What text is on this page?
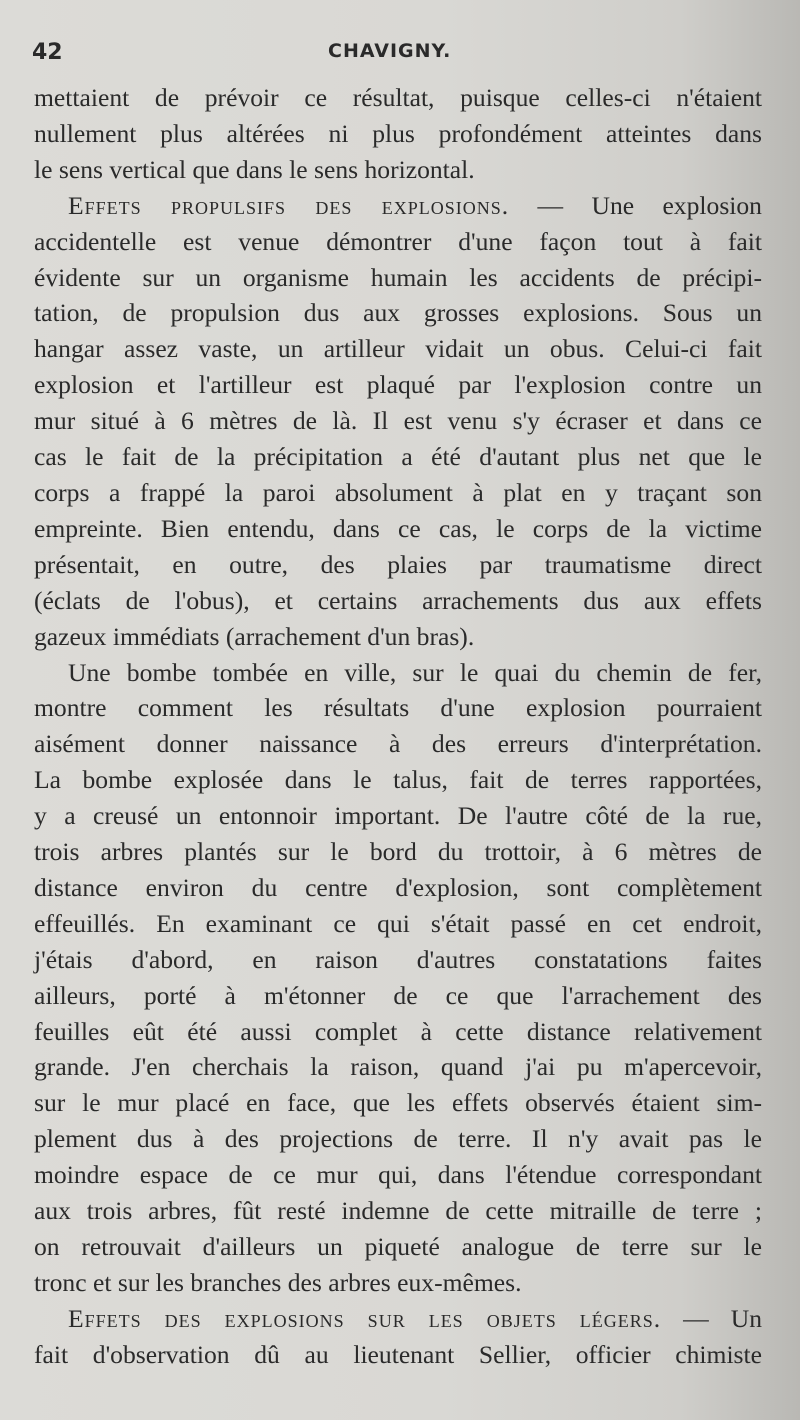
42	CHAVIGNY.
mettaient de prévoir ce résultat, puisque celles-ci n'étaient
nullement plus altérées ni plus profondément atteintes dans
le sens vertical que dans le sens horizontal.
Effets propulsifs des explosions. — Une explosion
accidentelle est venue démontrer d'une façon tout à fait
évidente sur un organisme humain les accidents de précipi-
tation, de propulsion dus aux grosses explosions. Sous un
hangar assez vaste, un artilleur vidait un obus. Celui-ci fait
explosion et l'artilleur est plaqué par l'explosion contre un
mur situé à 6 mètres de là. Il est venu s'y écraser et dans ce
cas le fait de la précipitation a été d'autant plus net que le
corps a frappé la paroi absolument à plat en y traçant son
empreinte. Bien entendu, dans ce cas, le corps de la victime
présentait, en outre, des plaies par traumatisme direct
(éclats de l'obus), et certains arrachements dus aux effets
gazeux immédiats (arrachement d'un bras).
Une bombe tombée en ville, sur le quai du chemin de fer,
montre comment les résultats d'une explosion pourraient
aisément donner naissance à des erreurs d'interprétation.
La bombe explosée dans le talus, fait de terres rapportées,
y a creusé un entonnoir important. De l'autre côté de la rue,
trois arbres plantés sur le bord du trottoir, à 6 mètres de
distance environ du centre d'explosion, sont complètement
effeuillés. En examinant ce qui s'était passé en cet endroit,
j'étais d'abord, en raison d'autres constatations faites
ailleurs, porté à m'étonner de ce que l'arrachement des
feuilles eût été aussi complet à cette distance relativement
grande. J'en cherchais la raison, quand j'ai pu m'apercevoir,
sur le mur placé en face, que les effets observés étaient sim-
plement dus à des projections de terre. Il n'y avait pas le
moindre espace de ce mur qui, dans l'étendue correspondant
aux trois arbres, fût resté indemne de cette mitraille de terre ;
on retrouvait d'ailleurs un piqueté analogue de terre sur le
tronc et sur les branches des arbres eux-mêmes.
Effets des explosions sur les objets légers. — Un
fait d'observation dû au lieutenant Sellier, officier chimiste
